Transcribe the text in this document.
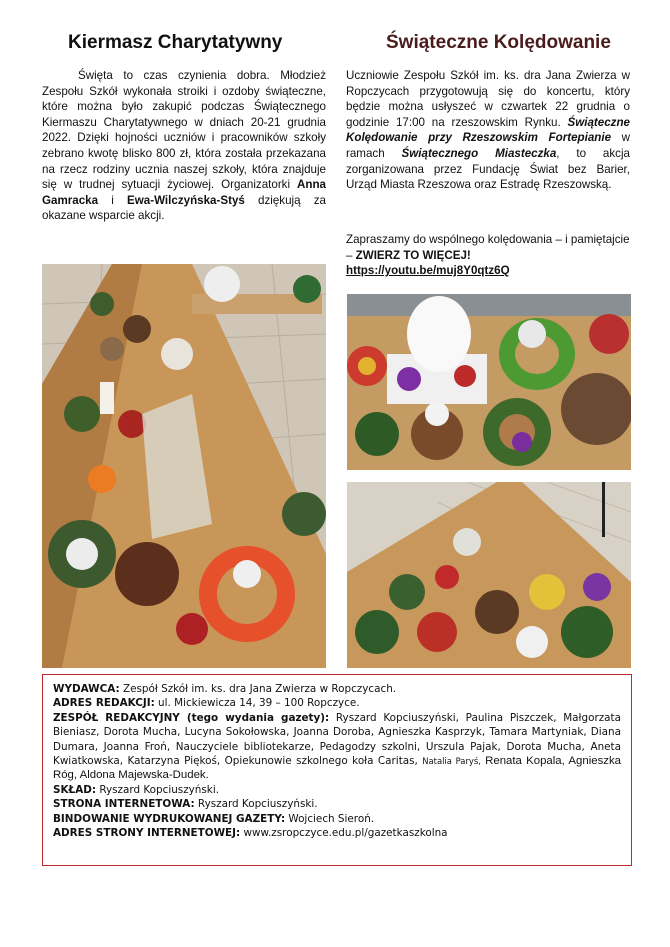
Kiermasz Charytatywny	Świąteczne Kolędowanie
Święta to czas czynienia dobra. Młodzież Zespołu Szkół wykonała stroiki i ozdoby świąteczne, które można było zakupić podczas Świątecznego Kiermaszu Charytatywnego w dniach 20-21 grudnia 2022. Dzięki hojności uczniów i pracowników szkoły zebrano kwotę blisko 800 zł, która została przekazana na rzecz rodziny ucznia naszej szkoły, która znajduje się w trudnej sytuacji życiowej. Organizatorki Anna Gamracka i Ewa-Wilczyńska-Styś dziękują za okazane wsparcie akcji.
Uczniowie Zespołu Szkół im. ks. dra Jana Zwierza w Ropczycach przygotowują się do koncertu, który będzie można usłyszeć w czwartek 22 grudnia o godzinie 17:00 na rzeszowskim Rynku. Świąteczne Kolędowanie przy Rzeszowskim Fortepianie w ramach Świątecznego Miasteczka, to akcja zorganizowana przez Fundację Świat bez Barier, Urząd Miasta Rzeszowa oraz Estradę Rzeszowską.
Zapraszamy do wspólnego kolędowania – i pamiętajcie – ZWIERZ TO WIĘCEJ!
https://youtu.be/muj8Y0qtz6Q
WYDAWCA: Zespół Szkół im. ks. dra Jana Zwierza w Ropczycach.
ADRES REDAKCJI: ul. Mickiewicza 14, 39 – 100 Ropczyce.
ZESPÓŁ REDAKCYJNY (tego wydania gazety): Ryszard Kopciuszyński, Paulina Piszczek, Małgorzata Bieniasz, Dorota Mucha, Lucyna Sokołowska, Joanna Doroba, Agnieszka Kasprzyk, Tamara Martyniak, Diana Dumara, Joanna Froń, Nauczyciele bibliotekarze, Pedagodzy szkolni, Urszula Pajak, Dorota Mucha, Aneta Kwiatkowska, Katarzyna Piękoś, Opiekunowie szkolnego koła Caritas, Natalia Paryś, Renata Kopala, Agnieszka Róg, Aldona Majewska-Dudek.
SKŁAD: Ryszard Kopciuszyński.
STRONA INTERNETOWA: Ryszard Kopciuszyński.
BINDOWANIE WYDRUKOWANEJ GAZETY: Wojciech Sieroń.
ADRES STRONY INTERNETOWEJ: www.zsropczyce.edu.pl/gazetkaszkolna
